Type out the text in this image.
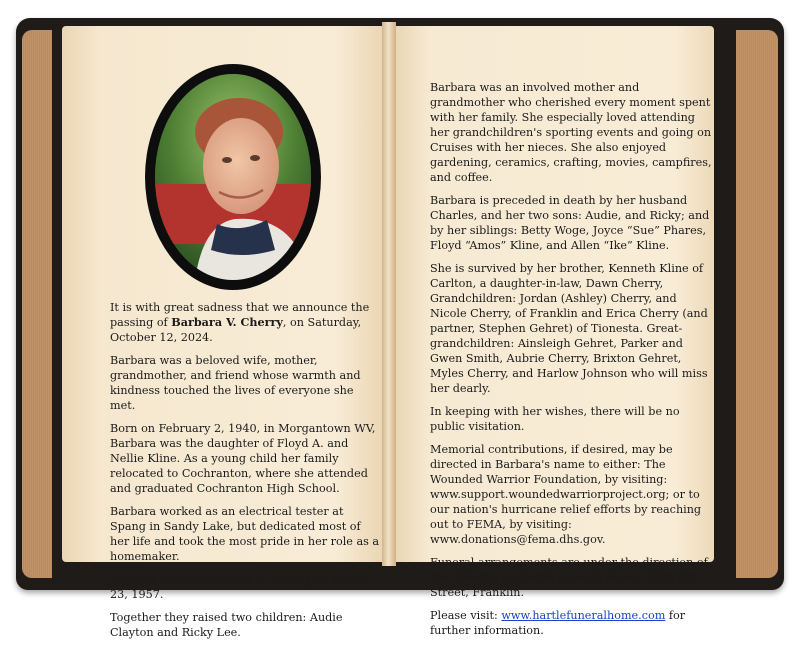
It is with great sadness that we announce the passing of Barbara V. Cherry, on Saturday, October 12, 2024.

Barbara was a beloved wife, mother, grandmother, and friend whose warmth and kindness touched the lives of everyone she met.

Born on February 2, 1940, in Morgantown WV, Barbara was the daughter of Floyd A. and Nellie Kline. As a young child her family relocated to Cochranton, where she attended and graduated Cochranton High School.

Barbara worked as an electrical tester at Spang in Sandy Lake, but dedicated most of her life and took the most pride in her role as a homemaker.

Barbara married Charles C. Cherry on March 23, 1957.

Together they raised two children: Audie Clayton and Ricky Lee.

Barbara was an involved mother and grandmother who cherished every moment spent with her family. She especially loved attending her grandchildren's sporting events and going on Cruises with her nieces. She also enjoyed gardening, ceramics, crafting, movies, campfires, and coffee.

Barbara is preceded in death by her husband Charles, and her two sons: Audie, and Ricky; and by her siblings: Betty Woge, Joyce “Sue” Phares, Floyd “Amos” Kline, and Allen “Ike” Kline.

She is survived by her brother, Kenneth Kline of Carlton, a daughter-in-law, Dawn Cherry, Grandchildren: Jordan (Ashley) Cherry, and Nicole Cherry, of Franklin and Erica Cherry (and partner, Stephen Gehret) of Tionesta. Great-grandchildren: Ainsleigh Gehret, Parker and Gwen Smith, Aubrie Cherry, Brixton Gehret, Myles Cherry, and Harlow Johnson who will miss her dearly.

In keeping with her wishes, there will be no public visitation.

Memorial contributions, if desired, may be directed in Barbara's name to either: The Wounded Warrior Foundation, by visiting: www.support.woundedwarriorproject.org; or to our nation's hurricane relief efforts by reaching out to FEMA, by visiting: www.donations@fema.dhs.gov.

Funeral arrangements are under the direction of the Timothy E. Hartle Funeral Home, 1328 Elk Street, Franklin.

Please visit: www.hartlefuneralhome.com for further information.
